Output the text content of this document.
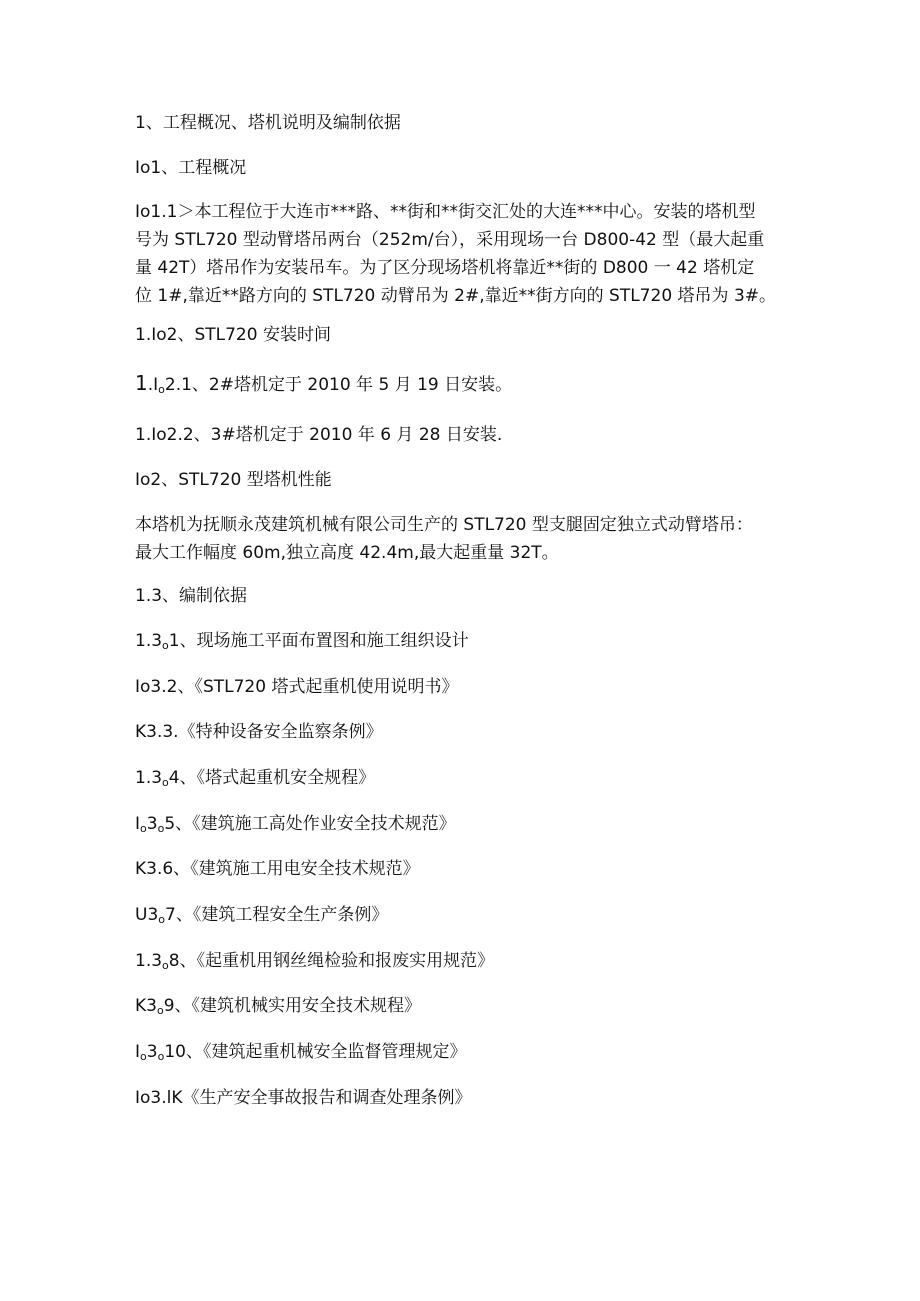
1、工程概况、塔机说明及编制依据
Io1、工程概况
Io1.1＞本工程位于大连市***路、**街和**街交汇处的大连***中心。安装的塔机型
号为 STL720 型动臂塔吊两台（252m∕台），采用现场一台 D800-42 型（最大起重
量 42T）塔吊作为安装吊车。为了区分现场塔机将靠近**街的 D800 一 42 塔机定
位 1#,靠近**路方向的 STL720 动臂吊为 2#,靠近**街方向的 STL720 塔吊为 3#。
1.Io2、STL720 安装时间
$1.I_o2.1$、2#塔机定于 2010 年 5 月 19 日安装。
1.Io2.2、3#塔机定于 2010 年 6 月 28 日安装.
Io2、STL720 型塔机性能
本塔机为抚顺永茂建筑机械有限公司生产的 STL720 型支腿固定独立式动臂塔吊：
最大工作幅度 60m,独立高度 42.4m,最大起重量 32T。
1.3、编制依据
$1.3_o1$、现场施工平面布置图和施工组织设计
Io3.2、《STL720 塔式起重机使用说明书》
K3.3.《特种设备安全监察条例》
$1.3_o4$、《塔式起重机安全规程》
$I_o3_o5$、《建筑施工高处作业安全技术规范》
K3.6、《建筑施工用电安全技术规范》
$U3_o7$、《建筑工程安全生产条例》
$1.3_o8$、《起重机用钢丝绳检验和报废实用规范》
$K3_o9$、《建筑机械实用安全技术规程》
$I_o3_o10$、《建筑起重机械安全监督管理规定》
Io3.lK《生产安全事故报告和调查处理条例》
